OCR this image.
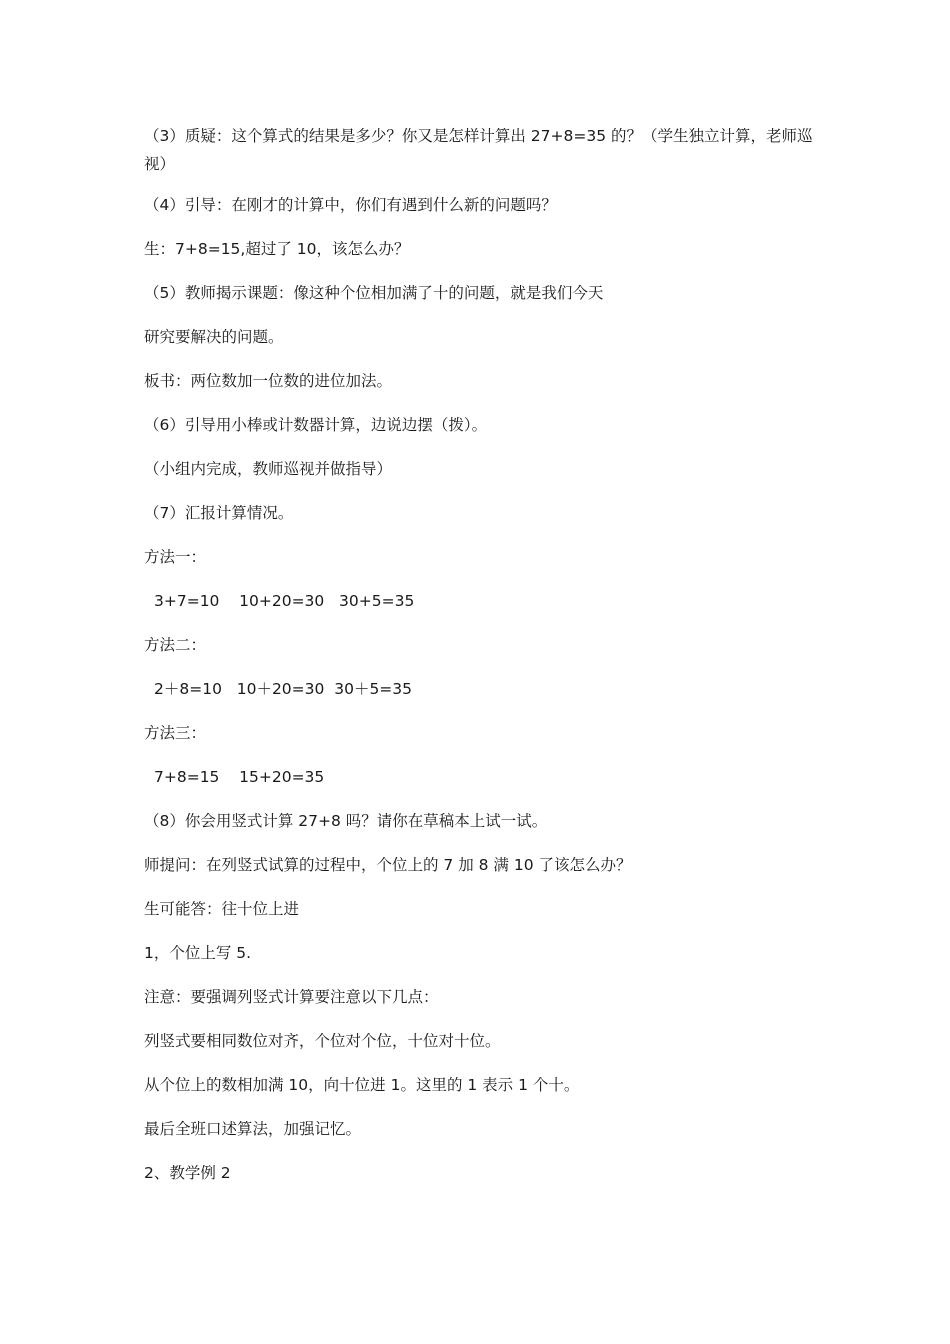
（3）质疑：这个算式的结果是多少？你又是怎样计算出 27+8=35 的？（学生独立计算，老师巡视）

（4）引导：在刚才的计算中，你们有遇到什么新的问题吗？

生：7+8=15,超过了 10，该怎么办？

（5）教师揭示课题：像这种个位相加满了十的问题，就是我们今天

研究要解决的问题。

板书：两位数加一位数的进位加法。

（6）引导用小棒或计数器计算，边说边摆（拨）。

（小组内完成，教师巡视并做指导）

（7）汇报计算情况。

方法一：

3+7=10    10+20=30   30+5=35

方法二：

2＋8=10   10＋20=30  30＋5=35

方法三：

7+8=15    15+20=35

（8）你会用竖式计算 27+8 吗？请你在草稿本上试一试。

师提问：在列竖式试算的过程中，个位上的 7 加 8 满 10 了该怎么办？

生可能答：往十位上进

1，个位上写 5.

注意：要强调列竖式计算要注意以下几点：

列竖式要相同数位对齐，个位对个位，十位对十位。

从个位上的数相加满 10，向十位进 1。这里的 1 表示 1 个十。

最后全班口述算法，加强记忆。

2、教学例 2
